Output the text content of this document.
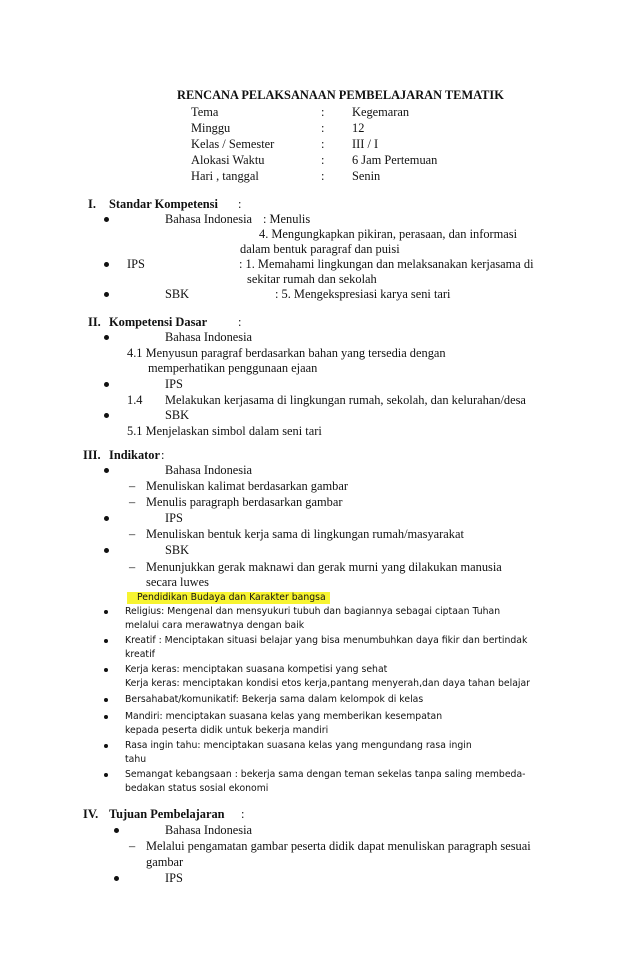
RENCANA PELAKSANAAN PEMBELAJARAN TEMATIK
Tema	: Kegemaran
Minggu	: 12
Kelas / Semester	: III / I
Alokasi Waktu	: 6 Jam Pertemuan
Hari , tanggal	: Senin
I. Standar Kompetensi :
Bahasa Indonesia : Menulis
4. Mengungkapkan pikiran, perasaan, dan informasi
dalam bentuk paragraf dan puisi
IPS	: 1. Memahami lingkungan dan melaksanakan kerjasama di
sekitar rumah dan sekolah
SBK	: 5. Mengekspresiasi karya seni tari
II. Kompetensi Dasar :
Bahasa Indonesia
4.1 Menyusun paragraf berdasarkan bahan yang tersedia dengan
memperhatikan penggunaan ejaan
IPS
1.4 Melakukan kerjasama di lingkungan rumah, sekolah, dan kelurahan/desa
SBK
5.1 Menjelaskan simbol dalam seni tari
III. Indikator :
Bahasa Indonesia
– Menuliskan kalimat berdasarkan gambar
– Menulis paragraph berdasarkan gambar
IPS
– Menuliskan bentuk kerja sama di lingkungan rumah/masyarakat
SBK
– Menunjukkan gerak maknawi dan gerak murni yang dilakukan manusia
secara luwes
Pendidikan Budaya dan Karakter bangsa
Religius: Mengenal dan mensyukuri tubuh dan bagiannya sebagai ciptaan Tuhan
melalui cara merawatnya dengan baik
Kreatif : Menciptakan situasi belajar yang bisa menumbuhkan daya fikir dan bertindak
kreatif
Kerja keras: menciptakan suasana kompetisi yang sehat
Kerja keras: menciptakan kondisi etos kerja,pantang menyerah,dan daya tahan belajar
Bersahabat/komunikatif: Bekerja sama dalam kelompok di kelas
Mandiri: menciptakan suasana kelas yang memberikan kesempatan
kepada peserta didik untuk bekerja mandiri
Rasa ingin tahu: menciptakan suasana kelas yang mengundang rasa ingin
tahu
Semangat kebangsaan : bekerja sama dengan teman sekelas tanpa saling membeda-
bedakan status sosial ekonomi
IV. Tujuan Pembelajaran :
Bahasa Indonesia
– Melalui pengamatan gambar peserta didik dapat menuliskan paragraph sesuai
gambar
IPS
